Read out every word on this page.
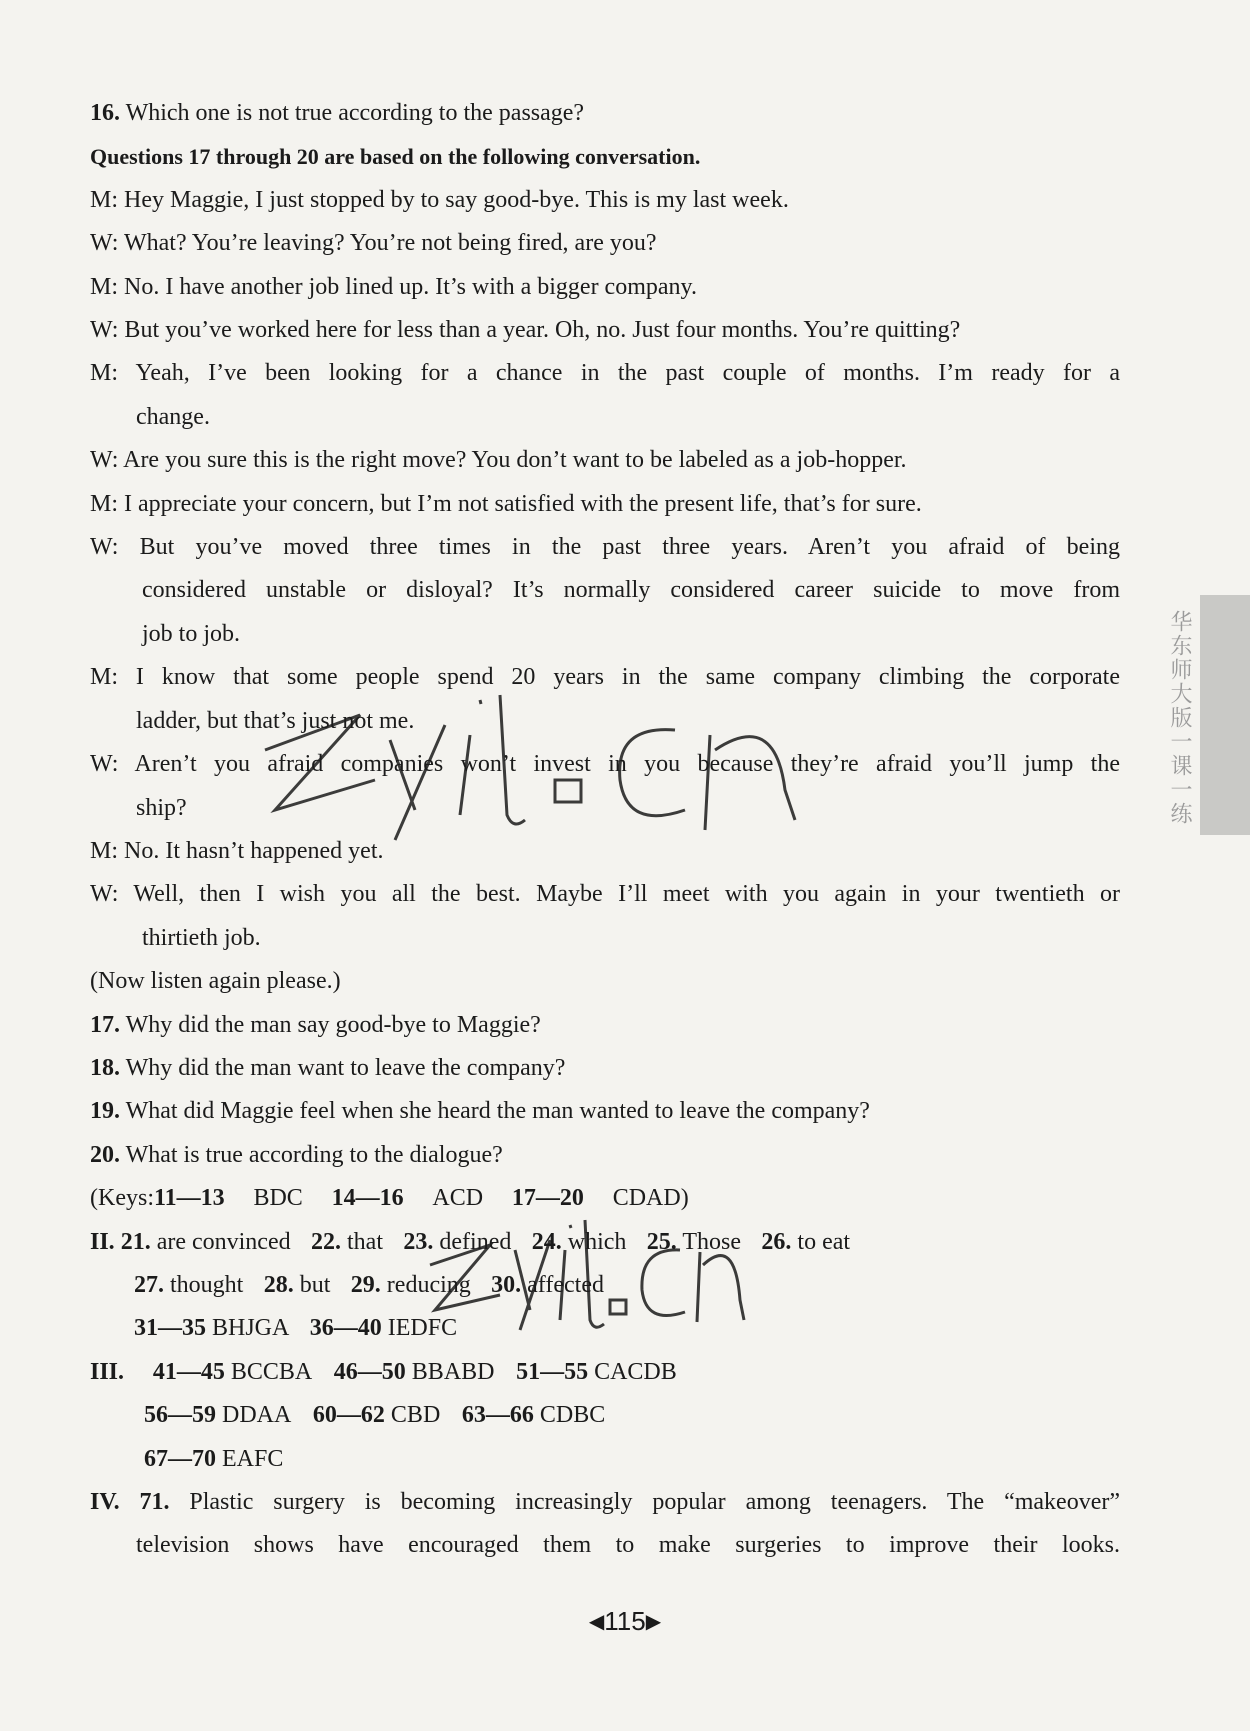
华东师大版一课一练
16. Which one is not true according to the passage?
Questions 17 through 20 are based on the following conversation.
M: Hey Maggie, I just stopped by to say good-bye. This is my last week.
W: What? You’re leaving? You’re not being fired, are you?
M: No. I have another job lined up. It’s with a bigger company.
W: But you’ve worked here for less than a year. Oh, no. Just four months. You’re quitting?
M: Yeah, I’ve been looking for a chance in the past couple of months. I’m ready for a
change.
W: Are you sure this is the right move? You don’t want to be labeled as a job-hopper.
M: I appreciate your concern, but I’m not satisfied with the present life, that’s for sure.
W: But you’ve moved three times in the past three years. Aren’t you afraid of being
considered unstable or disloyal? It’s normally considered career suicide to move from
job to job.
M: I know that some people spend 20 years in the same company climbing the corporate
ladder, but that’s just not me.
W: Aren’t you afraid companies won’t invest in you because they’re afraid you’ll jump the
ship?
M: No. It hasn’t happened yet.
W: Well, then I wish you all the best. Maybe I’ll meet with you again in your twentieth or
thirtieth job.
(Now listen again please.)
17. Why did the man say good-bye to Maggie?
18. Why did the man want to leave the company?
19. What did Maggie feel when she heard the man wanted to leave the company?
20. What is true according to the dialogue?
(Keys:11—13 BDC 14—16 ACD 17—20 CDAD)
II. 21. are convinced 22. that 23. defined 24. which 25. Those 26. to eat
27. thought 28. but 29. reducing 30. affected
31—35 BHJGA 36—40 IEDFC
III. 41—45 BCCBA 46—50 BBABD 51—55 CACDB
56—59 DDAA 60—62 CBD 63—66 CDBC
67—70 EAFC
IV. 71. Plastic surgery is becoming increasingly popular among teenagers. The “makeover”
television shows have encouraged them to make surgeries to improve their looks.
◀115▶
